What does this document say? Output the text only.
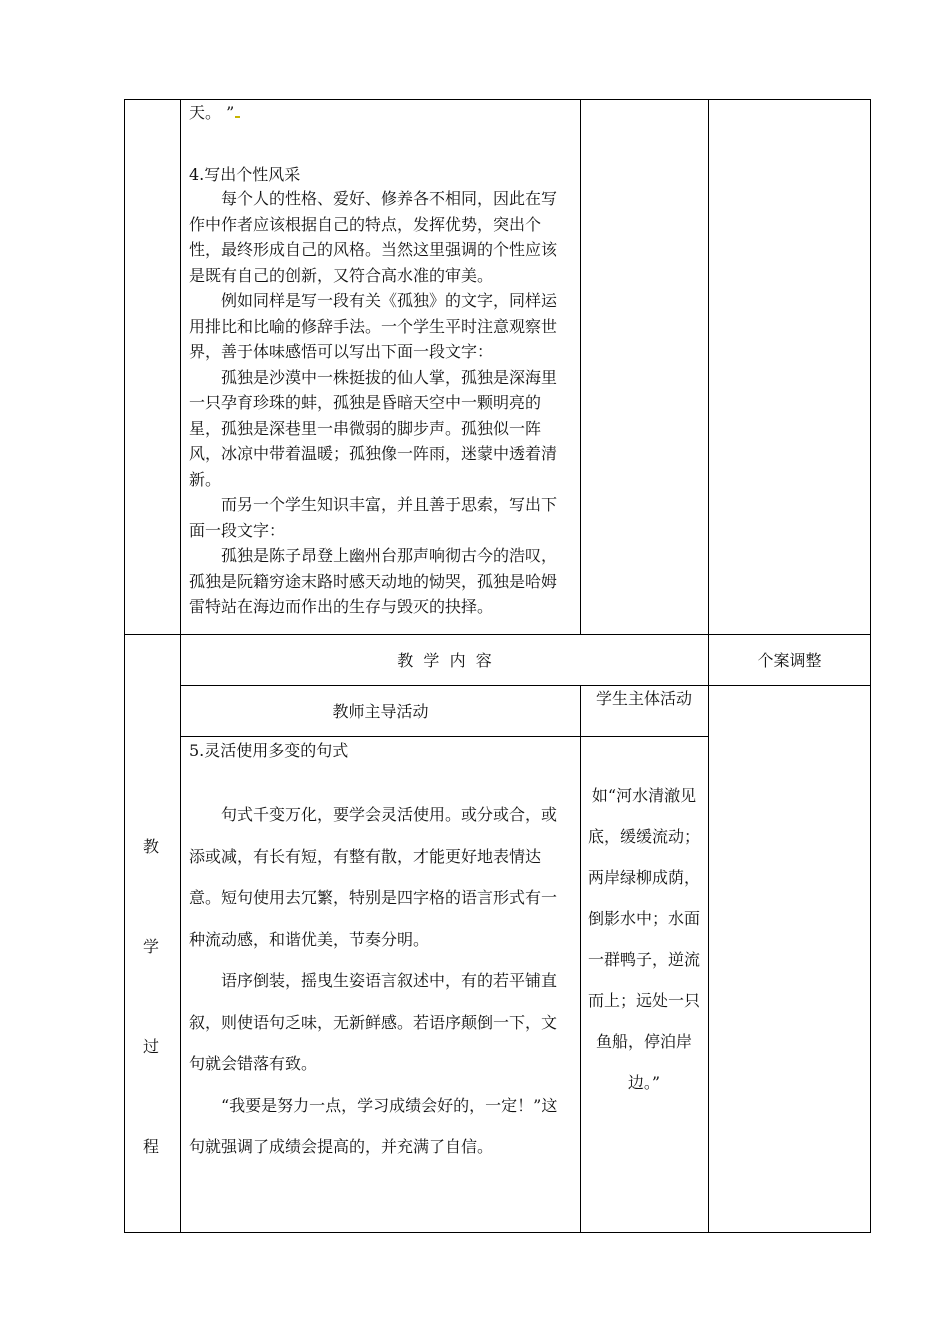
天。 ”
4.写出个性风采

每个人的性格、爱好、修养各不相同，因此在写作中作者应该根据自己的特点，发挥优势，突出个性，最终形成自己的风格。当然这里强调的个性应该是既有自己的创新，又符合高水准的审美。

例如同样是写一段有关《孤独》的文字，同样运用排比和比喻的修辞手法。一个学生平时注意观察世界，善于体味感悟可以写出下面一段文字：

孤独是沙漠中一株挺拔的仙人掌，孤独是深海里一只孕育珍珠的蚌，孤独是昏暗天空中一颗明亮的星，孤独是深巷里一串微弱的脚步声。孤独似一阵风，冰凉中带着温暖；孤独像一阵雨，迷蒙中透着清新。

而另一个学生知识丰富，并且善于思索，写出下面一段文字：

孤独是陈子昂登上幽州台那声响彻古今的浩叹，孤独是阮籍穷途末路时感天动地的恸哭，孤独是哈姆雷特站在海边而作出的生存与毁灭的抉择。

教  学  内  容	个案调整
教师主导活动
学生主体活动
教
学
过
程
5.灵活使用多变的句式

句式千变万化，要学会灵活使用。或分或合，或添或减，有长有短，有整有散，才能更好地表情达意。短句使用去冗繁，特别是四字格的语言形式有一种流动感，和谐优美，节奏分明。

语序倒装，摇曳生姿语言叙述中，有的若平铺直叙，则使语句乏味，无新鲜感。若语序颠倒一下，文句就会错落有致。

“我要是努力一点，学习成绩会好的，一定！”这句就强调了成绩会提高的，并充满了自信。

如“河水清澈见底，缓缓流动；两岸绿柳成荫，倒影水中；水面一群鸭子，逆流而上；远处一只鱼船，停泊岸边。”
